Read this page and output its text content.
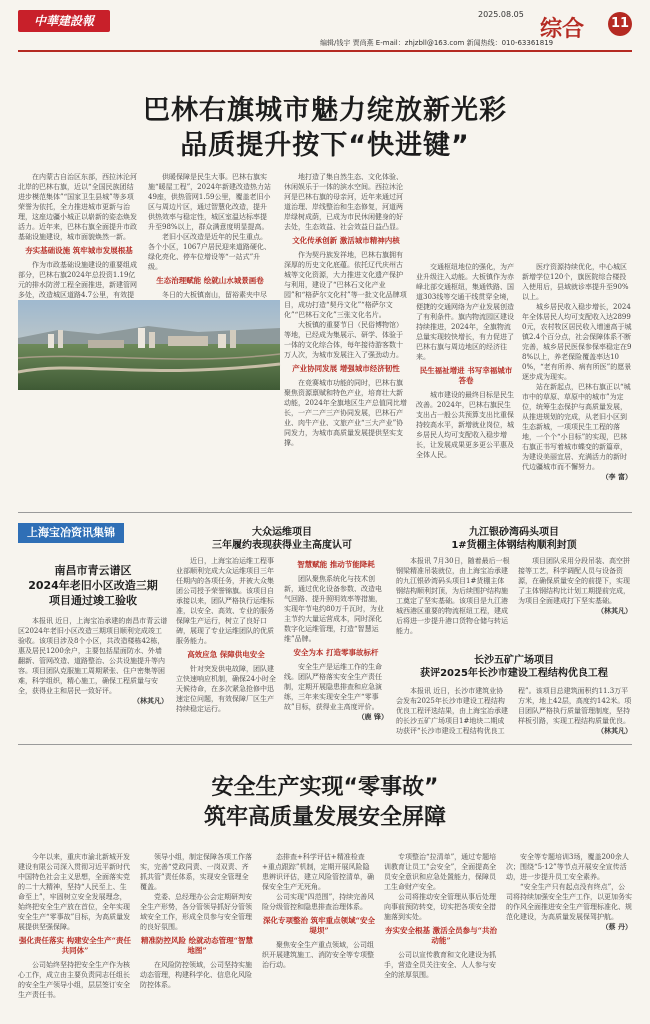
中華建設報	2025.08.05
综合 11
编辑/钱宇 贾尚燕 E-mail：zhjzbll@163.com 新闻热线：010-63361819
巴林右旗城市魅力绽放新光彩
品质提升按下“快进键”

在内蒙古自治区东部，西拉沐沦河北岸的巴林右旗，近以“全国民族团结进步模范集体”“国家卫生县城”等多项荣誉为依托，全力推进城市更新与治理，这座边疆小城正以崭新的姿态焕发活力。近年来，巴林右旗全面提升市政基础设施建设，城市面貌焕然一新。

夯实基础设施 筑牢城市发展根基

作为市政基础设施建设的重要组成部分，巴林右旗2024年总投资1.19亿元的排水防涝工程全面推进，新建管网多处，改造城区道路4.7公里，有效提

供暖保障是民生大事。巴林右旗实施“暖屋工程”，2024年新建改造热力站49座，供热管网1.59公里，覆盖老旧小区与周边片区，通过智慧化改造，提升供热效率与稳定性，城区室温达标率提升至98%以上，群众满意度明显提高。

老旧小区改造是近年的民生重点。各个小区，1067户居民迎来道路硬化、绿化亮化、停车位增设等“一站式”升级。

生态治理赋能 绘就山水城景画卷

冬日的大板镇南山，留裕素夹中尽

地打造了集自然生态、文化体验、休闲娱乐于一体的滨水空间。西拉沐沦河是巴林右旗的母亲河，近年来通过河道治理、岸线整治和生态修复，河道两岸绿树成荫，已成为市民休闲健身的好去处，生态效益、社会效益日益凸显。

文化传承创新 激活城市精神内核

作为契丹族发祥地，巴林右旗拥有深厚的历史文化底蕴。依托辽代庆州古城等文化资源，大力推进文化遗产保护与利用，建设了“巴林石文化产业园”和“格萨尔文化村”等一批文化品牌项目，成功打造“契丹文化”“格萨尔文化”“巴林石文化”三张文化名片。

大板镇的重要节日（民俗博物馆）等地，已经成为集展示、研学、体验于一体的文化综合体，每年接待游客数十万人次，为城市发展注入了强劲动力。

产业协同发展 增强城市经济韧性

在竞赛城市功能的同时，巴林右旗聚焦资源禀赋和特色产业，培育壮大新动能，2024年全旗地区生产总值同比增长，一产二产三产协同发展，巴林石产业、肉牛产业、文旅产业“三大产业”协同发力，为城市高质量发展提供坚实支撑。

交通枢纽地位的强化，为产业升级注入动能。大板镇作为赤峰北部交通枢纽，集通铁路、国道303线等交通干线贯穿全境，便捷的交通网络为产业发展创造了有利条件。旗内物流园区建设持续推进，2024年，全旗物流总量实现较快增长，有力促进了巴林右旗与周边地区的经济往来。

民生福祉增进 书写幸福城市答卷

城市建设的最终目标是民生改善。2024年，巴林右旗民生支出占一般公共预算支出比重保持较高水平，新增就业岗位，城乡居民人均可支配收入稳步增长，让发展成果更多更公平惠及全体人民。

医疗资源持续优化，中心城区新增学位120个，旗医院综合楼投入使用后，县域就诊率提升至90%以上。

城乡居民收入稳步增长，2024年全体居民人均可支配收入达28990元，农村牧区居民收入增速高于城镇2.4个百分点，社会保障体系不断完善，城乡居民医保参保率稳定在98%以上，养老保险覆盖率达100%，“老有所养、病有所医”的愿景逐步成为现实。

站在新起点，巴林右旗正以“城市中的草原、草原中的城市”为定位，统筹生态保护与高质量发展，从推进规划的完成，从老旧小区到生态新城，一项项民生工程的落地，一个个“小目标”的实现，巴林右旗正书写着城市蝶变的新篇章，为建设美丽宜居、充满活力的新时代边疆城市而不懈努力。

（李 富）
上海宝冶资讯集锦
南昌市青云谱区
2024年老旧小区改造三期
项目通过竣工验收

本报讯 近日，上海宝冶承建的南昌市青云谱区2024年老旧小区改造三期项目顺利完成竣工验收。该项目涉及8个小区，共改造楼栋42栋，惠及居民1200余户，主要包括屋面防水、外墙翻新、管网改造、道路整治、公共设施提升等内容。项目团队克服施工周期紧张、住户密集等困难，科学组织，精心施工，确保工程质量与安全，获得业主和居民一致好评。

（林其凡）
大众运维项目
三年履约表现获得业主高度认可

近日，上海宝冶运维工程事业部顺利完成大众运维项目三年任期内的各项任务，并被大众集团公司授予荣誉锦旗。该项目自承接以来，团队严格执行运维标准，以安全、高效、专业的服务保障生产运行，树立了良好口碑，展现了专业运维团队的优质服务能力。

高效应急 保障供电安全

针对突发供电故障，团队建立快速响应机制，确保24小时全天候待命，在多次紧急抢修中迅速定位问题，有效保障厂区生产持续稳定运行。

智慧赋能 推动节能降耗

团队聚焦系统化与技术创新，通过优化设备参数、改造电气回路、提升照明效率等措施，实现年节电约80万千瓦时，为业主节约大量运营成本，同时深化数字化运维管理，打造“智慧运维”品牌。

安全为本 打造零事故标杆

安全生产是运维工作的生命线。团队严格落实安全生产责任制，定期开展隐患排查和应急演练，三年来实现安全生产“零事故”目标，获得业主高度评价。

（鹿 锋）
九江银砂湾码头项目
1#货棚主体钢结构顺利封顶

本报讯 7月30日，随着最后一根钢梁精准吊装就位，由上海宝冶承建的九江银砂湾码头项目1#货棚主体钢结构顺利封顶，为后续围护结构施工奠定了坚实基础。该项目是九江港城西港区重要的物流枢纽工程，建成后将进一步提升港口货物仓储与转运能力。

项目团队采用分段吊装、高空拼接等工艺，科学调配人员与设备资源，在确保质量安全的前提下，实现了主体钢结构比计划工期提前完成，为项目全面建成打下坚实基础。

（林其凡）
长沙五矿广场项目
获评2025年长沙市建设工程结构优良工程

本报讯 近日，长沙市建筑业协会发布2025年长沙市建设工程结构优良工程评选结果，由上海宝冶承建的长沙五矿广场项目1#地块二期成功获评“长沙市建设工程结构优良工程”。该项目总建筑面积约11.3万平方米，地上42层，高度约142米。项目团队严格执行质量管理制度，坚持样板引路，实现工程结构质量优良。

（林其凡）
安全生产实现“零事故”
筑牢高质量发展安全屏障

今年以来，重庆市渝北新城开发建设有限公司深入贯彻习近平新时代中国特色社会主义思想，全面落实党的二十大精神，坚持“人民至上、生命至上”，牢固树立安全发展理念，始终把安全生产放在首位，全年实现安全生产“零事故”目标，为高质量发展提供坚强保障。

强化责任落实 构建安全生产“责任共同体”

公司始终坚持把安全生产作为核心工作，成立由主要负责同志任组长的安全生产领导小组，层层签订安全生产责任书。

领导小组，制定保障各项工作落实，完善“党政同责、一岗双责、齐抓共管”责任体系，实现安全管理全覆盖。

党委、总经理办公会定期研判安全生产形势，各分管领导抓好分管领域安全工作，形成全员参与安全管理的良好氛围。

精准防控风险 绘就动态管理“智慧地图”

在风险防控领域，公司坚持实施动态管理，构建科学化、信息化风险防控体系。

态排查+科学评估+精准检查+重点跟踪”机制，定期开展风险隐患辨识评估，建立风险管控清单，确保安全生产无死角。

公司实现“四范围”，持续完善风险分级管控和隐患排查治理体系。

深化专项整治 筑牢重点领域“安全堤坝”

聚焦安全生产重点领域，公司组织开展建筑施工、消防安全等专项整治行动。

专项整治“拉清单”，通过专题培训教育让员工“会安全”，全面提高全员安全意识和应急处置能力，保障员工生命财产安全。

公司将推动安全管理从事后处理向事前预防转变，切实把各项安全措施落到实处。

夯实安全根基 激活全员参与“共治动能”

公司以宣传教育和文化建设为抓手，营造全员关注安全、人人参与安全的浓厚氛围。

安全等专题培训3场，覆盖200余人次；围绕“5·12”等节点开展安全宣传活动，进一步提升员工安全素养。

“安全生产只有起点没有终点”，公司将持续加强安全生产工作，以更加务实的作风全面推进安全生产管理标准化、规范化建设，为高质量发展保驾护航。

（蔡 丹）
